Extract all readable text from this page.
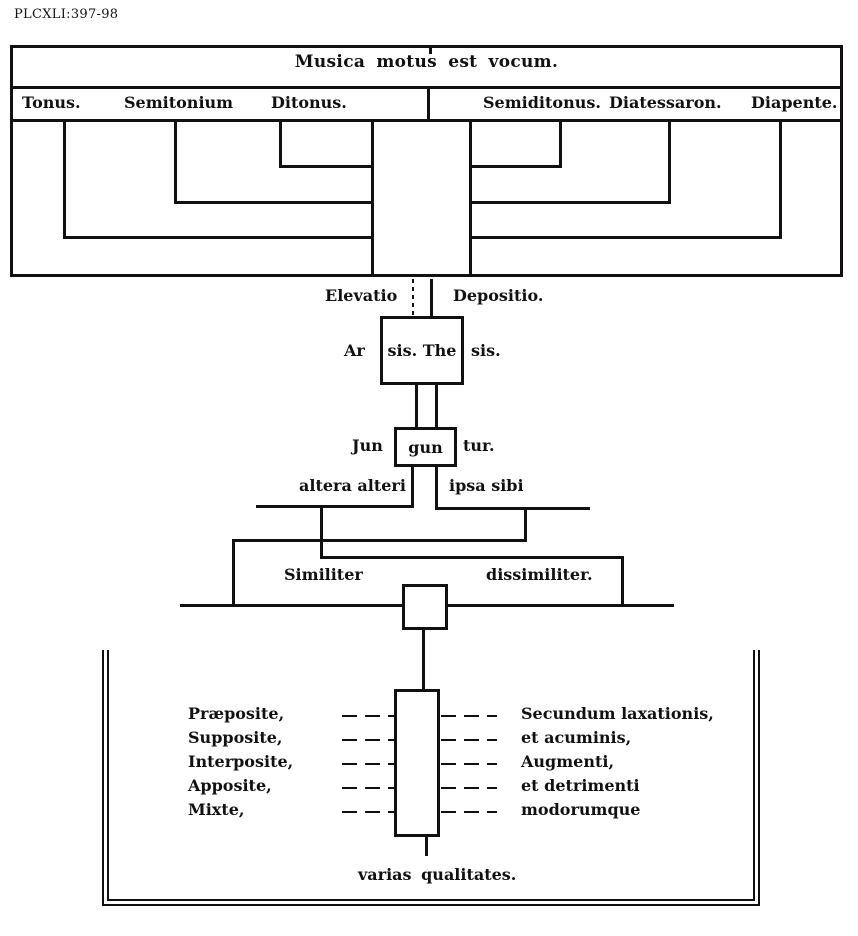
PLCXLI:397-98
Musica motus est vocum.
Tonus.	Semitonium Ditonus.	Semiditonus. Diatessaron. Diapente.
Elevatio	Depositio.
Ar sis. The sis.
Jun gun tur.
altera alteri	ipsa sibi
Similiter	dissimiliter.
Præposite,
Supposite,
Interposite,
Apposite,
Mixte,
Secundum laxationis,
et acuminis,
Augmenti,
et detrimenti
modorumque
varias qualitates.
